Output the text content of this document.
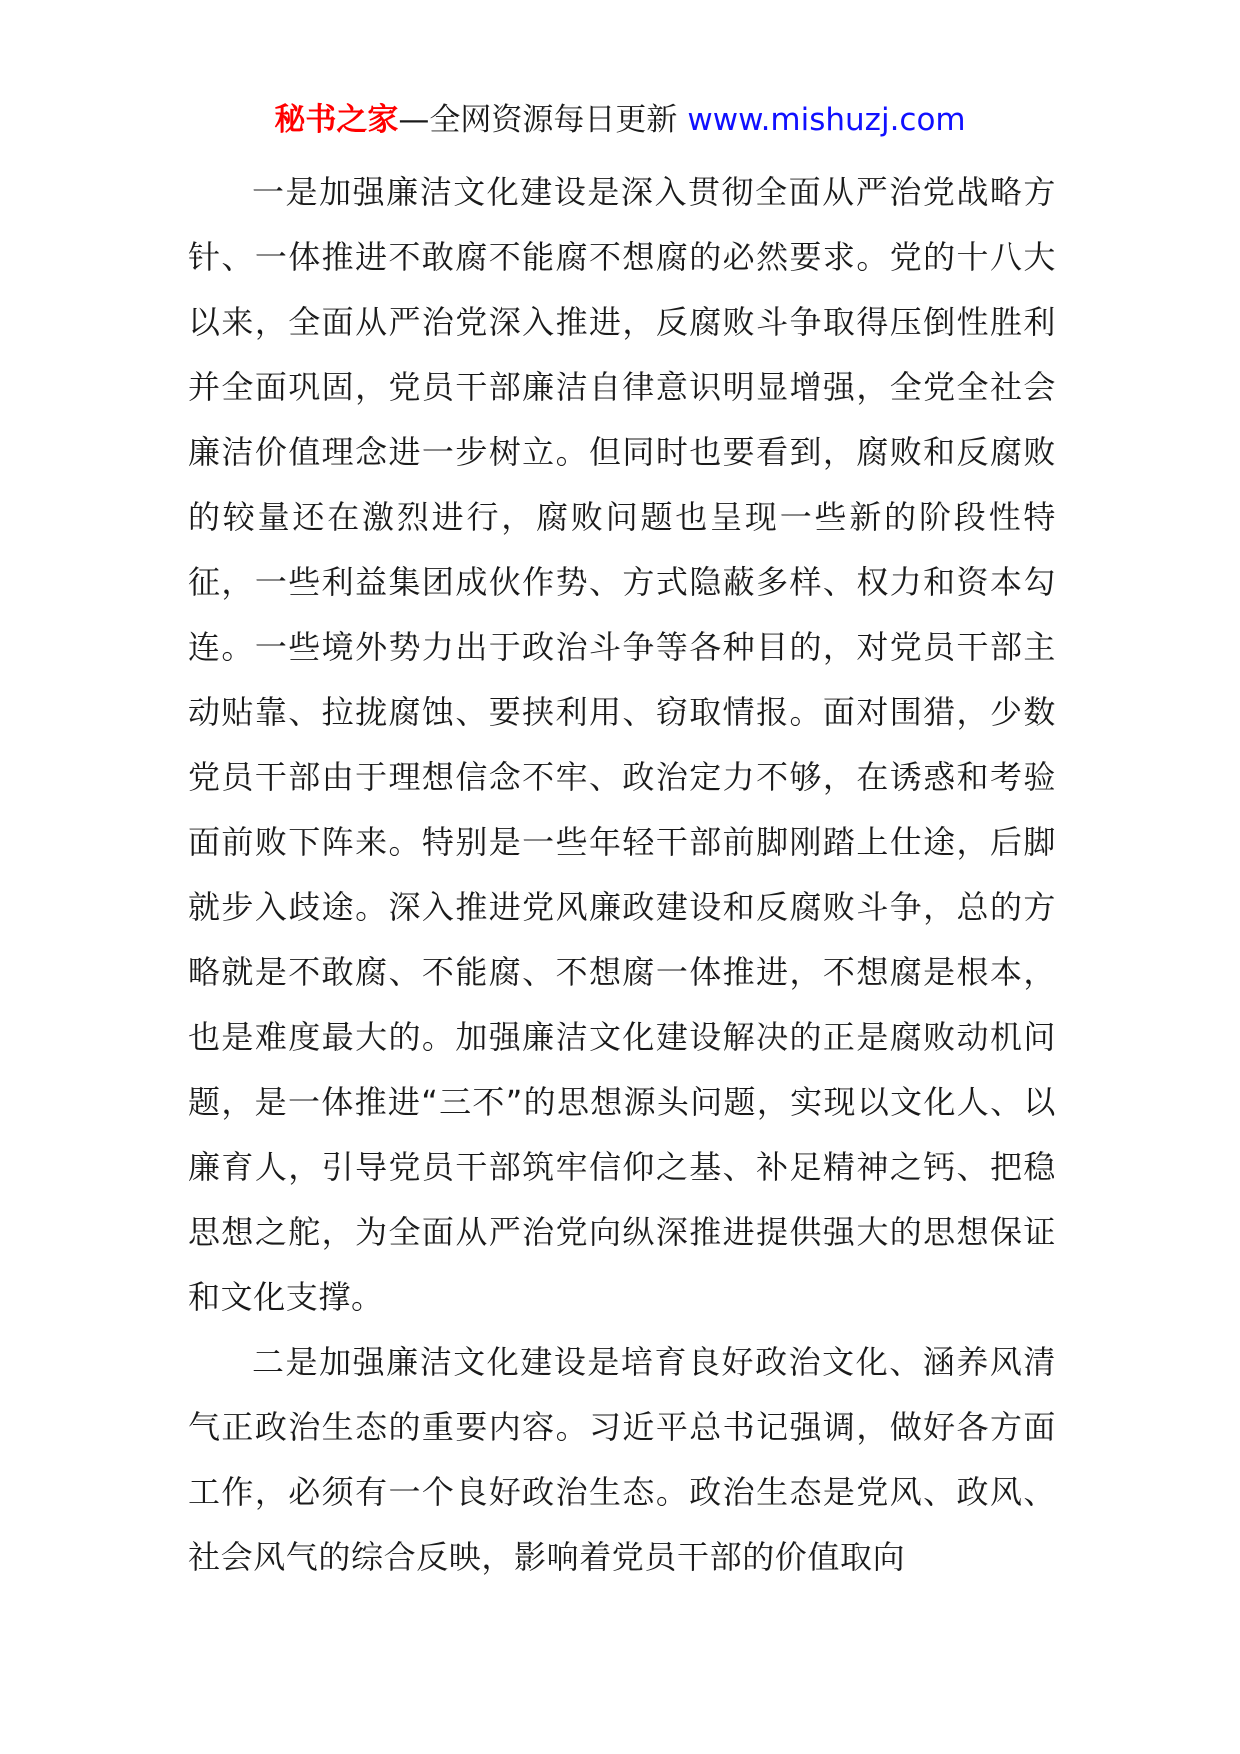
秘书之家—全网资源每日更新 www.mishuzj.com

一是加强廉洁文化建设是深入贯彻全面从严治党战略方针、一体推进不敢腐不能腐不想腐的必然要求。党的十八大以来，全面从严治党深入推进，反腐败斗争取得压倒性胜利并全面巩固，党员干部廉洁自律意识明显增强，全党全社会廉洁价值理念进一步树立。但同时也要看到，腐败和反腐败的较量还在激烈进行，腐败问题也呈现一些新的阶段性特征，一些利益集团成伙作势、方式隐蔽多样、权力和资本勾连。一些境外势力出于政治斗争等各种目的，对党员干部主动贴靠、拉拢腐蚀、要挟利用、窃取情报。面对围猎，少数党员干部由于理想信念不牢、政治定力不够，在诱惑和考验面前败下阵来。特别是一些年轻干部前脚刚踏上仕途，后脚就步入歧途。深入推进党风廉政建设和反腐败斗争，总的方略就是不敢腐、不能腐、不想腐一体推进，不想腐是根本，也是难度最大的。加强廉洁文化建设解决的正是腐败动机问题，是一体推进“三不”的思想源头问题，实现以文化人、以廉育人，引导党员干部筑牢信仰之基、补足精神之钙、把稳思想之舵，为全面从严治党向纵深推进提供强大的思想保证和文化支撑。

二是加强廉洁文化建设是培育良好政治文化、涵养风清气正政治生态的重要内容。习近平总书记强调，做好各方面工作，必须有一个良好政治生态。政治生态是党风、政风、社会风气的综合反映，影响着党员干部的价值取向
